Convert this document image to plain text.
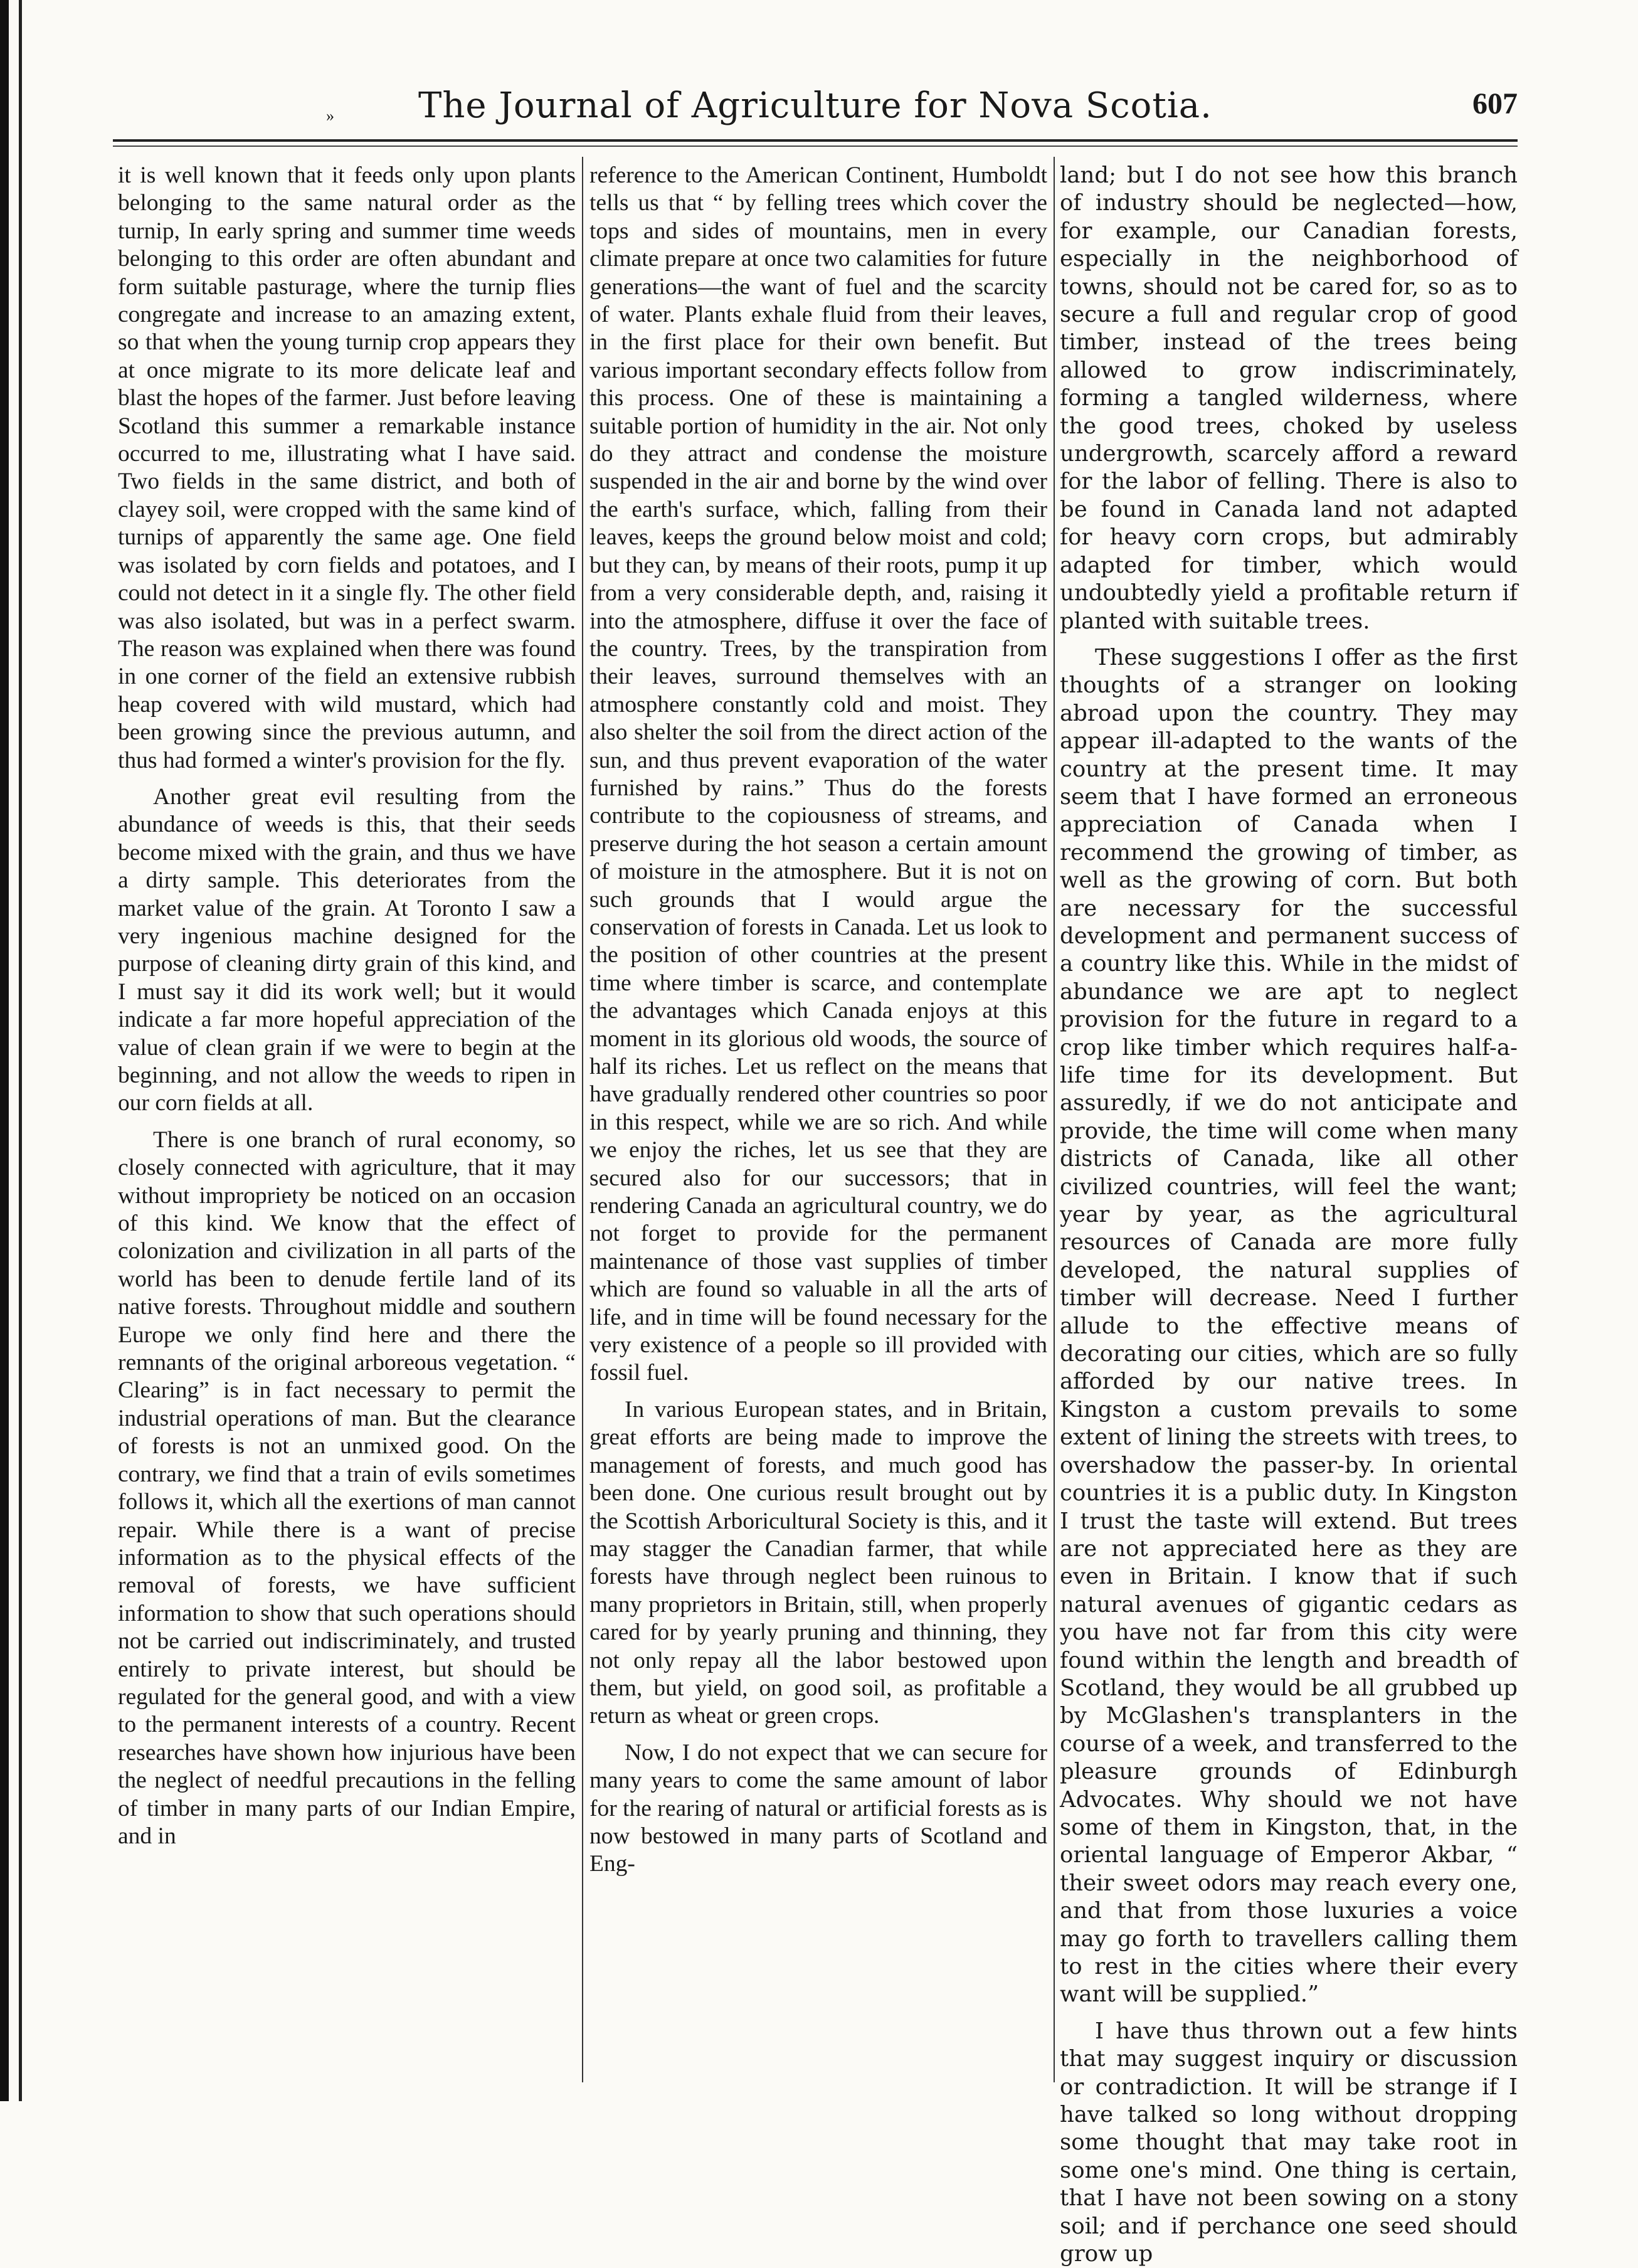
»	The Journal of Agriculture for Nova Scotia.	607

it is well known that it feeds only upon plants belonging to the same natural order as the turnip, In early spring and summer time weeds belonging to this order are often abundant and form suitable pasturage, where the turnip flies congregate and increase to an amazing extent, so that when the young turnip crop appears they at once migrate to its more delicate leaf and blast the hopes of the farmer. Just before leaving Scotland this summer a remarkable instance occurred to me, illustrating what I have said. Two fields in the same district, and both of clayey soil, were cropped with the same kind of turnips of apparently the same age. One field was isolated by corn fields and potatoes, and I could not detect in it a single fly. The other field was also isolated, but was in a perfect swarm. The reason was explained when there was found in one corner of the field an extensive rubbish heap covered with wild mustard, which had been growing since the previous autumn, and thus had formed a winter's provision for the fly.

Another great evil resulting from the abundance of weeds is this, that their seeds become mixed with the grain, and thus we have a dirty sample. This deteriorates from the market value of the grain. At Toronto I saw a very ingenious machine designed for the purpose of cleaning dirty grain of this kind, and I must say it did its work well; but it would indicate a far more hopeful appreciation of the value of clean grain if we were to begin at the beginning, and not allow the weeds to ripen in our corn fields at all.

There is one branch of rural economy, so closely connected with agriculture, that it may without impropriety be noticed on an occasion of this kind. We know that the effect of colonization and civilization in all parts of the world has been to denude fertile land of its native forests. Throughout middle and southern Europe we only find here and there the remnants of the original arboreous vegetation. “ Clearing” is in fact necessary to permit the industrial operations of man. But the clearance of forests is not an unmixed good. On the contrary, we find that a train of evils sometimes follows it, which all the exertions of man cannot repair. While there is a want of precise information as to the physical effects of the removal of forests, we have sufficient information to show that such operations should not be carried out indiscriminately, and trusted entirely to private interest, but should be regulated for the general good, and with a view to the permanent interests of a country. Recent researches have shown how injurious have been the neglect of needful precautions in the felling of timber in many parts of our Indian Empire, and in

reference to the American Continent, Humboldt tells us that “ by felling trees which cover the tops and sides of mountains, men in every climate prepare at once two calamities for future generations—the want of fuel and the scarcity of water. Plants exhale fluid from their leaves, in the first place for their own benefit. But various important secondary effects follow from this process. One of these is maintaining a suitable portion of humidity in the air. Not only do they attract and condense the moisture suspended in the air and borne by the wind over the earth's surface, which, falling from their leaves, keeps the ground below moist and cold; but they can, by means of their roots, pump it up from a very considerable depth, and, raising it into the atmosphere, diffuse it over the face of the country. Trees, by the transpiration from their leaves, surround themselves with an atmosphere constantly cold and moist. They also shelter the soil from the direct action of the sun, and thus prevent evaporation of the water furnished by rains.” Thus do the forests contribute to the copiousness of streams, and preserve during the hot season a certain amount of moisture in the atmosphere. But it is not on such grounds that I would argue the conservation of forests in Canada. Let us look to the position of other countries at the present time where timber is scarce, and contemplate the advantages which Canada enjoys at this moment in its glorious old woods, the source of half its riches. Let us reflect on the means that have gradually rendered other countries so poor in this respect, while we are so rich. And while we enjoy the riches, let us see that they are secured also for our successors; that in rendering Canada an agricultural country, we do not forget to provide for the permanent maintenance of those vast supplies of timber which are found so valuable in all the arts of life, and in time will be found necessary for the very existence of a people so ill provided with fossil fuel.

In various European states, and in Britain, great efforts are being made to improve the management of forests, and much good has been done. One curious result brought out by the Scottish Arboricultural Society is this, and it may stagger the Canadian farmer, that while forests have through neglect been ruinous to many proprietors in Britain, still, when properly cared for by yearly pruning and thinning, they not only repay all the labor bestowed upon them, but yield, on good soil, as profitable a return as wheat or green crops.

Now, I do not expect that we can secure for many years to come the same amount of labor for the rearing of natural or artificial forests as is now bestowed in many parts of Scotland and Eng-

land; but I do not see how this branch of industry should be neglected—how, for example, our Canadian forests, especially in the neighborhood of towns, should not be cared for, so as to secure a full and regular crop of good timber, instead of the trees being allowed to grow indiscriminately, forming a tangled wilderness, where the good trees, choked by useless undergrowth, scarcely afford a reward for the labor of felling. There is also to be found in Canada land not adapted for heavy corn crops, but admirably adapted for timber, which would undoubtedly yield a profitable return if planted with suitable trees.

These suggestions I offer as the first thoughts of a stranger on looking abroad upon the country. They may appear ill-adapted to the wants of the country at the present time. It may seem that I have formed an erroneous appreciation of Canada when I recommend the growing of timber, as well as the growing of corn. But both are necessary for the successful development and permanent success of a country like this. While in the midst of abundance we are apt to neglect provision for the future in regard to a crop like timber which requires half-a-life time for its development. But assuredly, if we do not anticipate and provide, the time will come when many districts of Canada, like all other civilized countries, will feel the want; year by year, as the agricultural resources of Canada are more fully developed, the natural supplies of timber will decrease. Need I further allude to the effective means of decorating our cities, which are so fully afforded by our native trees. In Kingston a custom prevails to some extent of lining the streets with trees, to overshadow the passer-by. In oriental countries it is a public duty. In Kingston I trust the taste will extend. But trees are not appreciated here as they are even in Britain. I know that if such natural avenues of gigantic cedars as you have not far from this city were found within the length and breadth of Scotland, they would be all grubbed up by McGlashen's transplanters in the course of a week, and transferred to the pleasure grounds of Edinburgh Advocates. Why should we not have some of them in Kingston, that, in the oriental language of Emperor Akbar, “ their sweet odors may reach every one, and that from those luxuries a voice may go forth to travellers calling them to rest in the cities where their every want will be supplied.”

I have thus thrown out a few hints that may suggest inquiry or discussion or contradiction. It will be strange if I have talked so long without dropping some thought that may take root in some one's mind. One thing is certain, that I have not been sowing on a stony soil; and if perchance one seed should grow up
